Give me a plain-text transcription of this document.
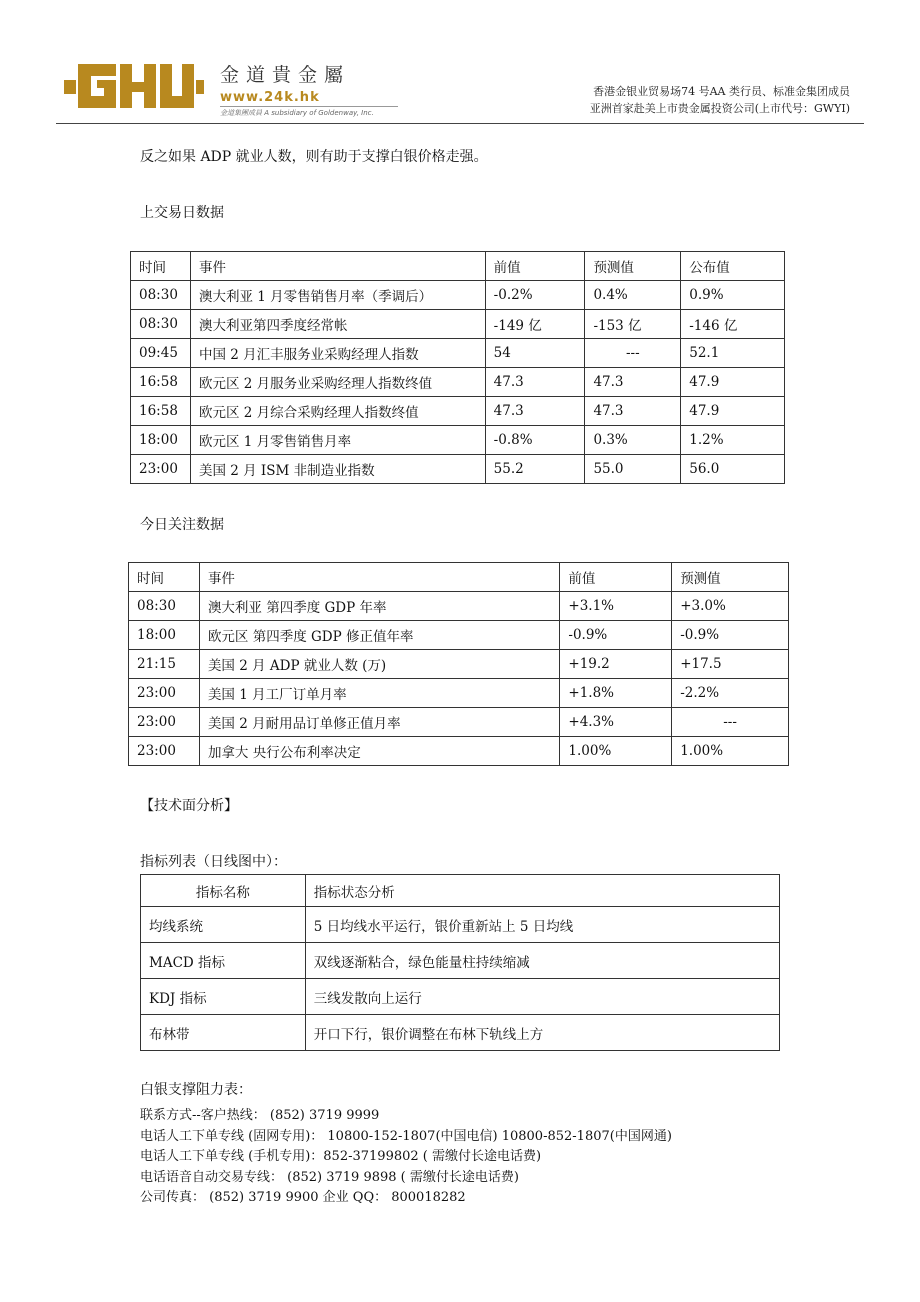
金道貴金屬
www.24k.hk
金道集團成員 A subsidiary of Goldenway, Inc.
香港金银业贸易场74 号AA 类行员、标准金集团成员
亚洲首家赴美上市贵金属投资公司(上市代号：GWYI)
反之如果 ADP 就业人数，则有助于支撑白银价格走强。
上交易日数据
时间	事件	前值	预测值	公布值
08:30	澳大利亚 1 月零售销售月率（季调后）	-0.2%	0.4%	0.9%
08:30	澳大利亚第四季度经常帐	-149 亿	-153 亿	-146 亿
09:45	中国 2 月汇丰服务业采购经理人指数	54	---	52.1
16:58	欧元区 2 月服务业采购经理人指数终值	47.3	47.3	47.9
16:58	欧元区 2 月综合采购经理人指数终值	47.3	47.3	47.9
18:00	欧元区 1 月零售销售月率	-0.8%	0.3%	1.2%
23:00	美国 2 月 ISM 非制造业指数	55.2	55.0	56.0
今日关注数据
时间	事件	前值	预测值
08:30	澳大利亚 第四季度 GDP 年率	+3.1%	+3.0%
18:00	欧元区 第四季度 GDP 修正值年率	-0.9%	-0.9%
21:15	美国 2 月 ADP 就业人数 (万)	+19.2	+17.5
23:00	美国 1 月工厂订单月率	+1.8%	-2.2%
23:00	美国 2 月耐用品订单修正值月率	+4.3%	---
23:00	加拿大 央行公布利率决定	1.00%	1.00%
【技术面分析】
指标列表（日线图中）：
指标名称	指标状态分析
均线系统	5 日均线水平运行，银价重新站上 5 日均线
MACD 指标	双线逐渐粘合，绿色能量柱持续缩减
KDJ 指标	三线发散向上运行
布林带	开口下行，银价调整在布林下轨线上方
白银支撑阻力表：
联系方式--客户热线： (852) 3719 9999
电话人工下单专线 (固网专用)： 10800-152-1807(中国电信) 10800-852-1807(中国网通)
电话人工下单专线 (手机专用)：852-37199802 ( 需缴付长途电话费)
电话语音自动交易专线： (852) 3719 9898 ( 需缴付长途电话费)
公司传真： (852) 3719 9900 企业 QQ： 800018282
